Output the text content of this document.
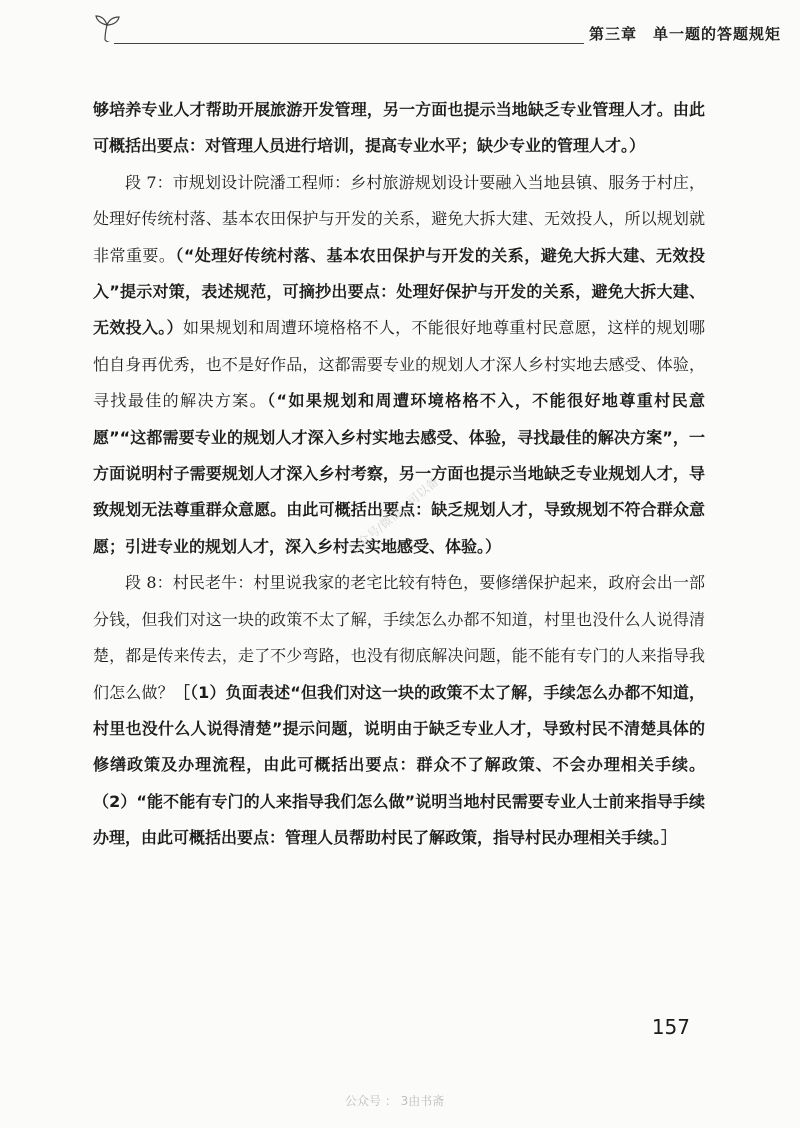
第三章　单一题的答题规矩

够培养专业人才帮助开展旅游开发管理，另一方面也提示当地缺乏专业管理人才。由此可概括出要点：对管理人员进行培训，提高专业水平；缺少专业的管理人才。）

段 7：市规划设计院潘工程师：乡村旅游规划设计要融入当地县镇、服务于村庄，处理好传统村落、基本农田保护与开发的关系，避免大拆大建、无效投人，所以规划就非常重要。（“处理好传统村落、基本农田保护与开发的关系，避免大拆大建、无效投入”提示对策，表述规范，可摘抄出要点：处理好保护与开发的关系，避免大拆大建、无效投入。）如果规划和周遭环境格格不人，不能很好地尊重村民意愿，这样的规划哪怕自身再优秀，也不是好作品，这都需要专业的规划人才深人乡村实地去感受、体验，寻找最佳的解决方案。（“如果规划和周遭环境格格不入，不能很好地尊重村民意愿”“这都需要专业的规划人才深入乡村实地去感受、体验，寻找最佳的解决方案”，一方面说明村子需要规划人才深入乡村考察，另一方面也提示当地缺乏专业规划人才，导致规划无法尊重群众意愿。由此可概括出要点：缺乏规划人才，导致规划不符合群众意愿；引进专业的规划人才，深入乡村去实地感受、体验。）

段 8：村民老牛：村里说我家的老宅比较有特色，要修缮保护起来，政府会出一部分钱，但我们对这一块的政策不太了解，手续怎么办都不知道，村里也没什么人说得清楚，都是传来传去，走了不少弯路，也没有彻底解决问题，能不能有专门的人来指导我们怎么做？［（1）负面表述“但我们对这一块的政策不太了解，手续怎么办都不知道，村里也没什么人说得清楚”提示问题，说明由于缺乏专业人才，导致村民不清楚具体的修缮政策及办理流程，由此可概括出要点：群众不了解政策、不会办理相关手续。（2）“能不能有专门的人来指导我们怎么做”说明当地村民需要专业人士前来指导手续办理，由此可概括出要点：管理人员帮助村民了解政策，指导村民办理相关手续。］

157
公众号/微信：可以备
公众号 ： 3由书斋
